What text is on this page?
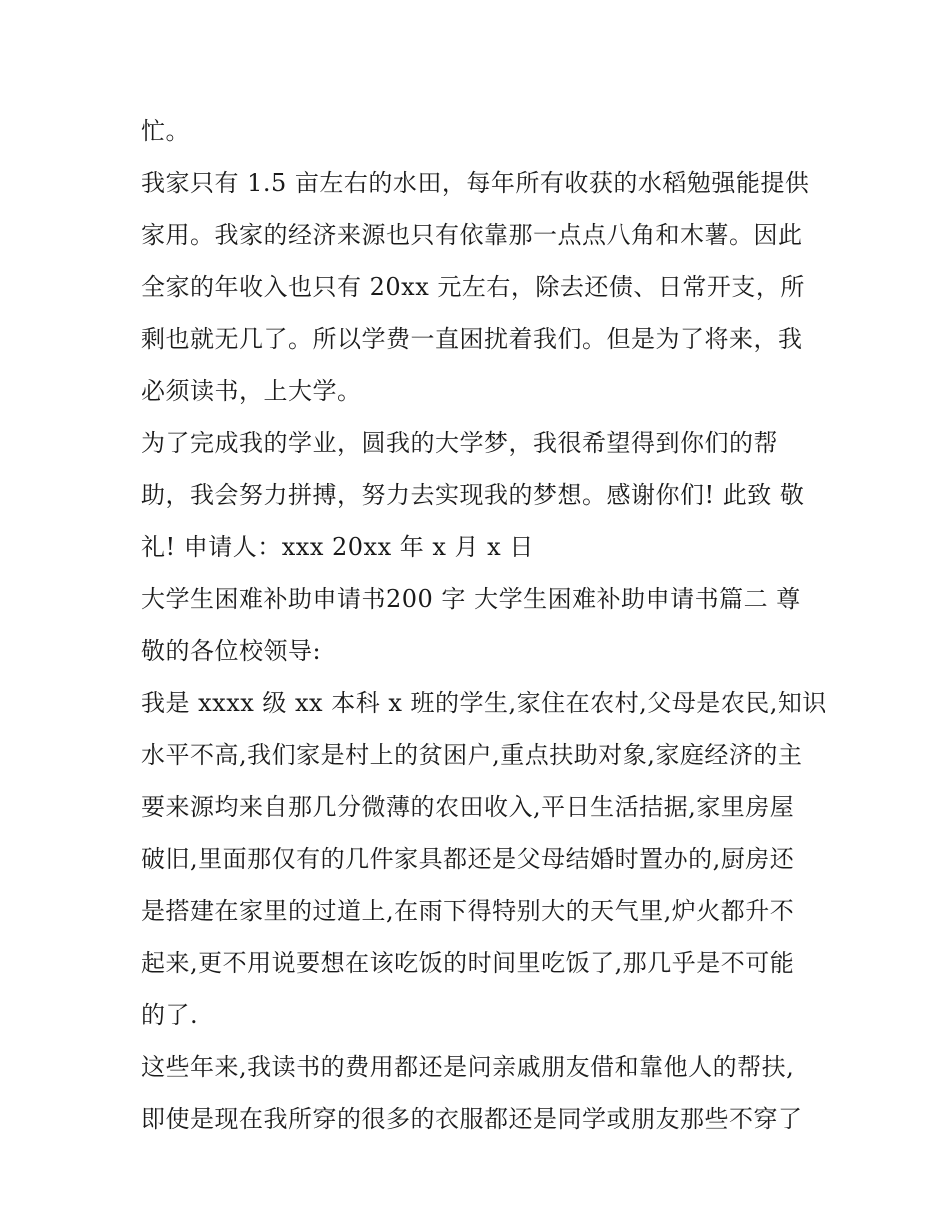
忙。
我家只有 1.5 亩左右的水田，每年所有收获的水稻勉强能提供
家用。我家的经济来源也只有依靠那一点点八角和木薯。因此
全家的年收入也只有 20xx 元左右，除去还债、日常开支，所
剩也就无几了。所以学费一直困扰着我们。但是为了将来，我
必须读书，上大学。
为了完成我的学业，圆我的大学梦，我很希望得到你们的帮
助，我会努力拼搏，努力去实现我的梦想。感谢你们! 此致 敬
礼! 申请人：xxx 20xx 年 x 月 x 日
大学生困难补助申请书200 字 大学生困难补助申请书篇二 尊
敬的各位校领导:
我是 xxxx 级 xx 本科 x 班的学生,家住在农村,父母是农民,知识
水平不高,我们家是村上的贫困户,重点扶助对象,家庭经济的主
要来源均来自那几分微薄的农田收入,平日生活拮据,家里房屋
破旧,里面那仅有的几件家具都还是父母结婚时置办的,厨房还
是搭建在家里的过道上,在雨下得特别大的天气里,炉火都升不
起来,更不用说要想在该吃饭的时间里吃饭了,那几乎是不可能
的了.
这些年来,我读书的费用都还是问亲戚朋友借和靠他人的帮扶,
即使是现在我所穿的很多的衣服都还是同学或朋友那些不穿了
